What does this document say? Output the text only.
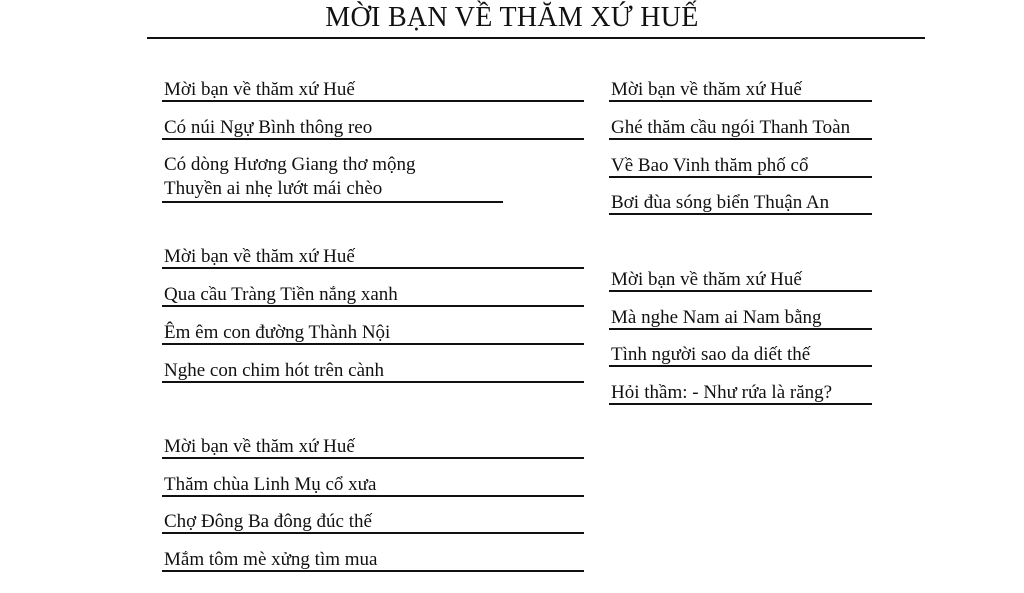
MỜI BẠN VỀ THĂM XỨ HUẾ
Mời bạn về thăm xứ Huế
Có núi Ngự Bình thông reo
Có dòng Hương Giang thơ mộng
Thuyền ai nhẹ lướt mái chèo
Mời bạn về thăm xứ Huế
Qua cầu Tràng Tiền nắng xanh
Êm êm con đường Thành Nội
Nghe con chim hót trên cành
Mời bạn về thăm xứ Huế
Thăm chùa Linh Mụ cổ xưa
Chợ Đông Ba đông đúc thế
Mắm tôm mè xửng tìm mua
Mời bạn về thăm xứ Huế
Ghé thăm cầu ngói Thanh Toàn
Về Bao Vinh thăm phố cổ
Bơi đùa sóng biển Thuận An
Mời bạn về thăm xứ Huế
Mà nghe Nam ai Nam bằng
Tình người sao da diết thế
Hỏi thầm: - Như rứa là răng?
